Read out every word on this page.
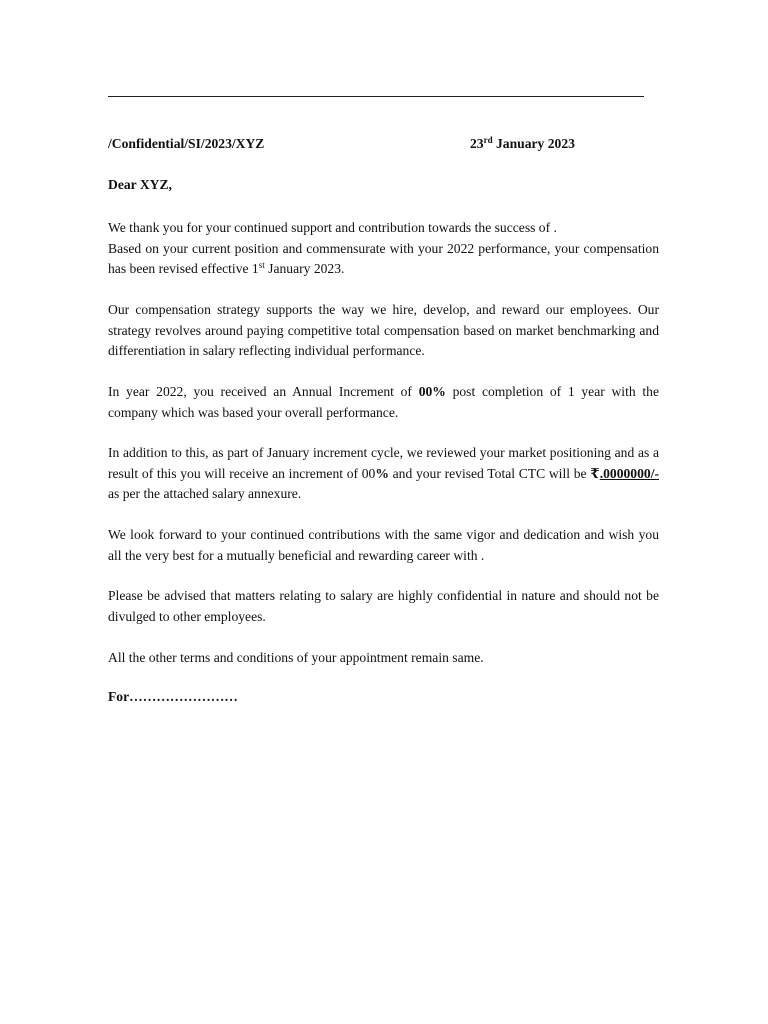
/Confidential/SI/2023/XYZ	23rd January 2023
Dear XYZ,

We thank you for your continued support and contribution towards the success of .
Based on your current position and commensurate with your 2022 performance, your compensation has been revised effective 1st January 2023.

Our compensation strategy supports the way we hire, develop, and reward our employees. Our strategy revolves around paying competitive total compensation based on market benchmarking and differentiation in salary reflecting individual performance.

In year 2022, you received an Annual Increment of 00% post completion of 1 year with the company which was based your overall performance.

In addition to this, as part of January increment cycle, we reviewed your market positioning and as a result of this you will receive an increment of 00% and your revised Total CTC will be ₹.0000000/- as per the attached salary annexure.

We look forward to your continued contributions with the same vigor and dedication and wish you all the very best for a mutually beneficial and rewarding career with .

Please be advised that matters relating to salary are highly confidential in nature and should not be divulged to other employees.

All the other terms and conditions of your appointment remain same.

For……………………
